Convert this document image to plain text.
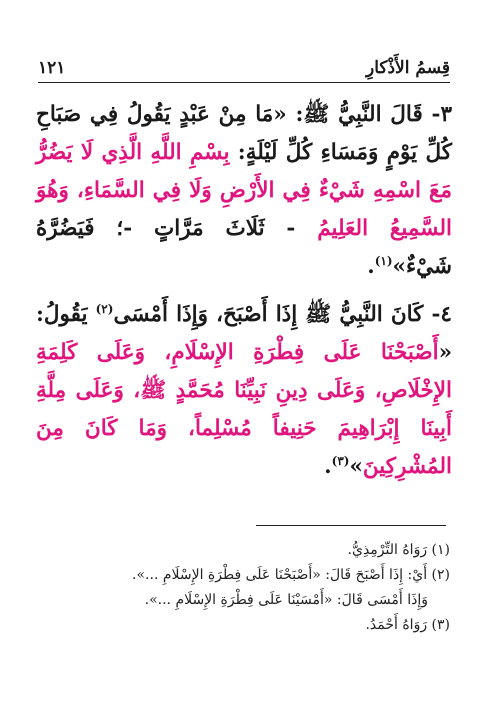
١٢١	قِسمُ الأَذْكارِ

٣- قَالَ النَّبِيُّ ﷺ: «مَا مِنْ عَبْدٍ يَقُولُ فِي صَبَاحِ كُلِّ يَوْمٍ وَمَسَاءِ كُلِّ لَيْلَةٍ: بِسْمِ اللَّهِ الَّذِي لَا يَضُرُّ مَعَ اسْمِهِ شَيْءٌ فِي الأَرْضِ وَلَا فِي السَّمَاءِ، وَهُوَ السَّمِيعُ العَلِيمُ - ثَلَاثَ مَرَّاتٍ -؛ فَيَضُرَّهُ شَيْءٌ»$^{(١)}$.

٤- كَانَ النَّبِيُّ ﷺ إِذَا أَصْبَحَ، وَإِذَا أَمْسَى$^{(٢)}$ يَقُولُ: «أَصْبَحْنَا عَلَى فِطْرَةِ الإِسْلَامِ، وَعَلَى كَلِمَةِ الإِخْلَاصِ، وَعَلَى دِينِ نَبِيِّنَا مُحَمَّدٍ ﷺ، وَعَلَى مِلَّةِ أَبِينَا إِبْرَاهِيمَ حَنِيفاً مُسْلِماً، وَمَا كَانَ مِنَ المُشْرِكِينَ»$^{(٣)}$.

(١) رَوَاهُ التِّرْمِذِيُّ.

(٢) أَيْ: إِذَا أَصْبَحَ قَالَ: «أَصْبَحْنَا عَلَى فِطْرَةِ الإِسْلَامِ ...».

وَإِذَا أَمْسَى قَالَ: «أَمْسَيْنَا عَلَى فِطْرَةِ الإِسْلَامِ ...».

(٣) رَوَاهُ أَحْمَدُ.
